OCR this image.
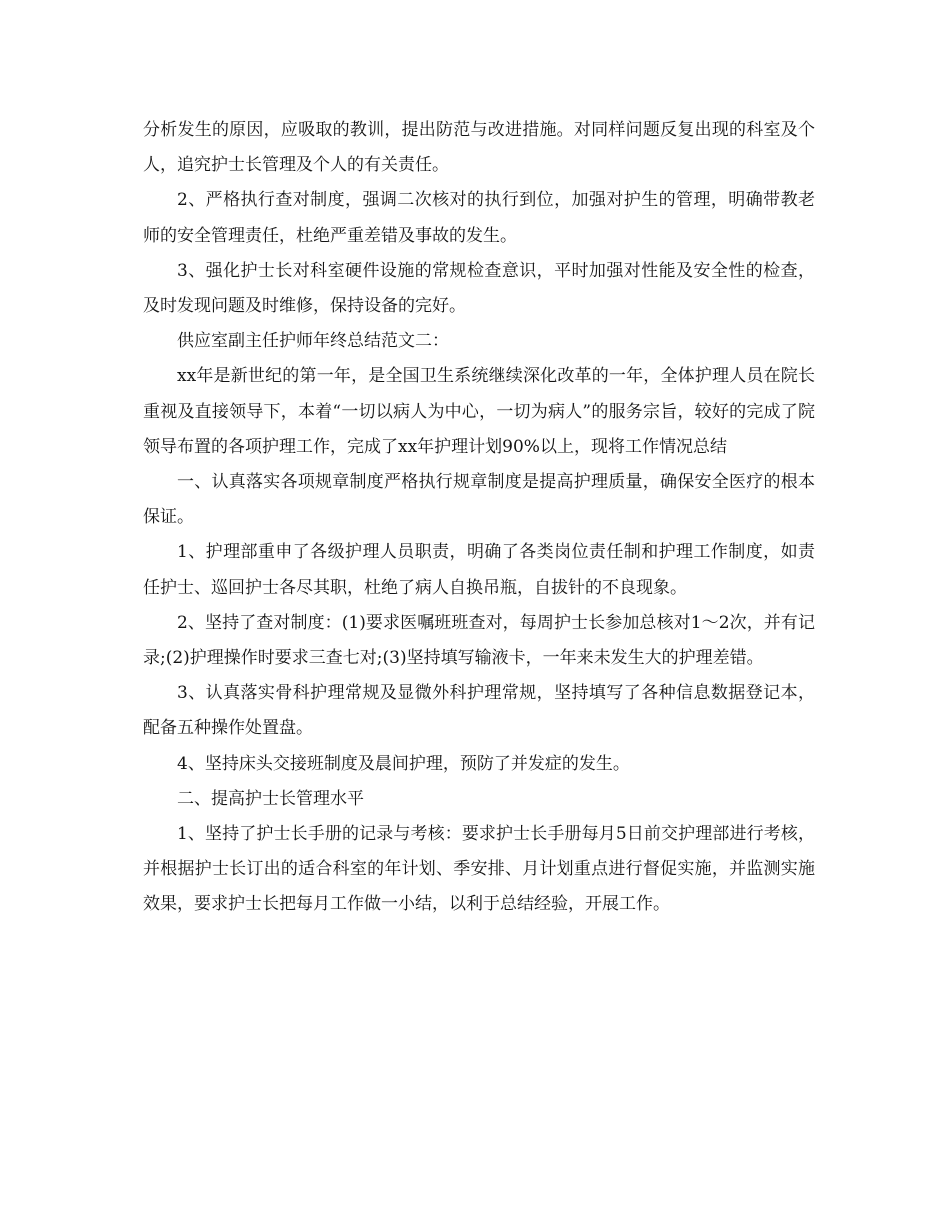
分析发生的原因，应吸取的教训，提出防范与改进措施。对同样问题反复出现的科室及个人，追究护士长管理及个人的有关责任。

2、严格执行查对制度，强调二次核对的执行到位，加强对护生的管理，明确带教老师的安全管理责任，杜绝严重差错及事故的发生。

3、强化护士长对科室硬件设施的常规检查意识，平时加强对性能及安全性的检查，及时发现问题及时维修，保持设备的完好。

供应室副主任护师年终总结范文二：

xx年是新世纪的第一年，是全国卫生系统继续深化改革的一年，全体护理人员在院长重视及直接领导下，本着“一切以病人为中心，一切为病人”的服务宗旨，较好的完成了院领导布置的各项护理工作，完成了xx年护理计划90%以上，现将工作情况总结

一、认真落实各项规章制度严格执行规章制度是提高护理质量，确保安全医疗的根本保证。

1、护理部重申了各级护理人员职责，明确了各类岗位责任制和护理工作制度，如责任护士、巡回护士各尽其职，杜绝了病人自换吊瓶，自拔针的不良现象。

2、坚持了查对制度：(1)要求医嘱班班查对，每周护士长参加总核对1～2次，并有记录;(2)护理操作时要求三查七对;(3)坚持填写输液卡，一年来未发生大的护理差错。

3、认真落实骨科护理常规及显微外科护理常规，坚持填写了各种信息数据登记本，配备五种操作处置盘。

4、坚持床头交接班制度及晨间护理，预防了并发症的发生。

二、提高护士长管理水平

1、坚持了护士长手册的记录与考核：要求护士长手册每月5日前交护理部进行考核，并根据护士长订出的适合科室的年计划、季安排、月计划重点进行督促实施，并监测实施效果，要求护士长把每月工作做一小结，以利于总结经验，开展工作。
